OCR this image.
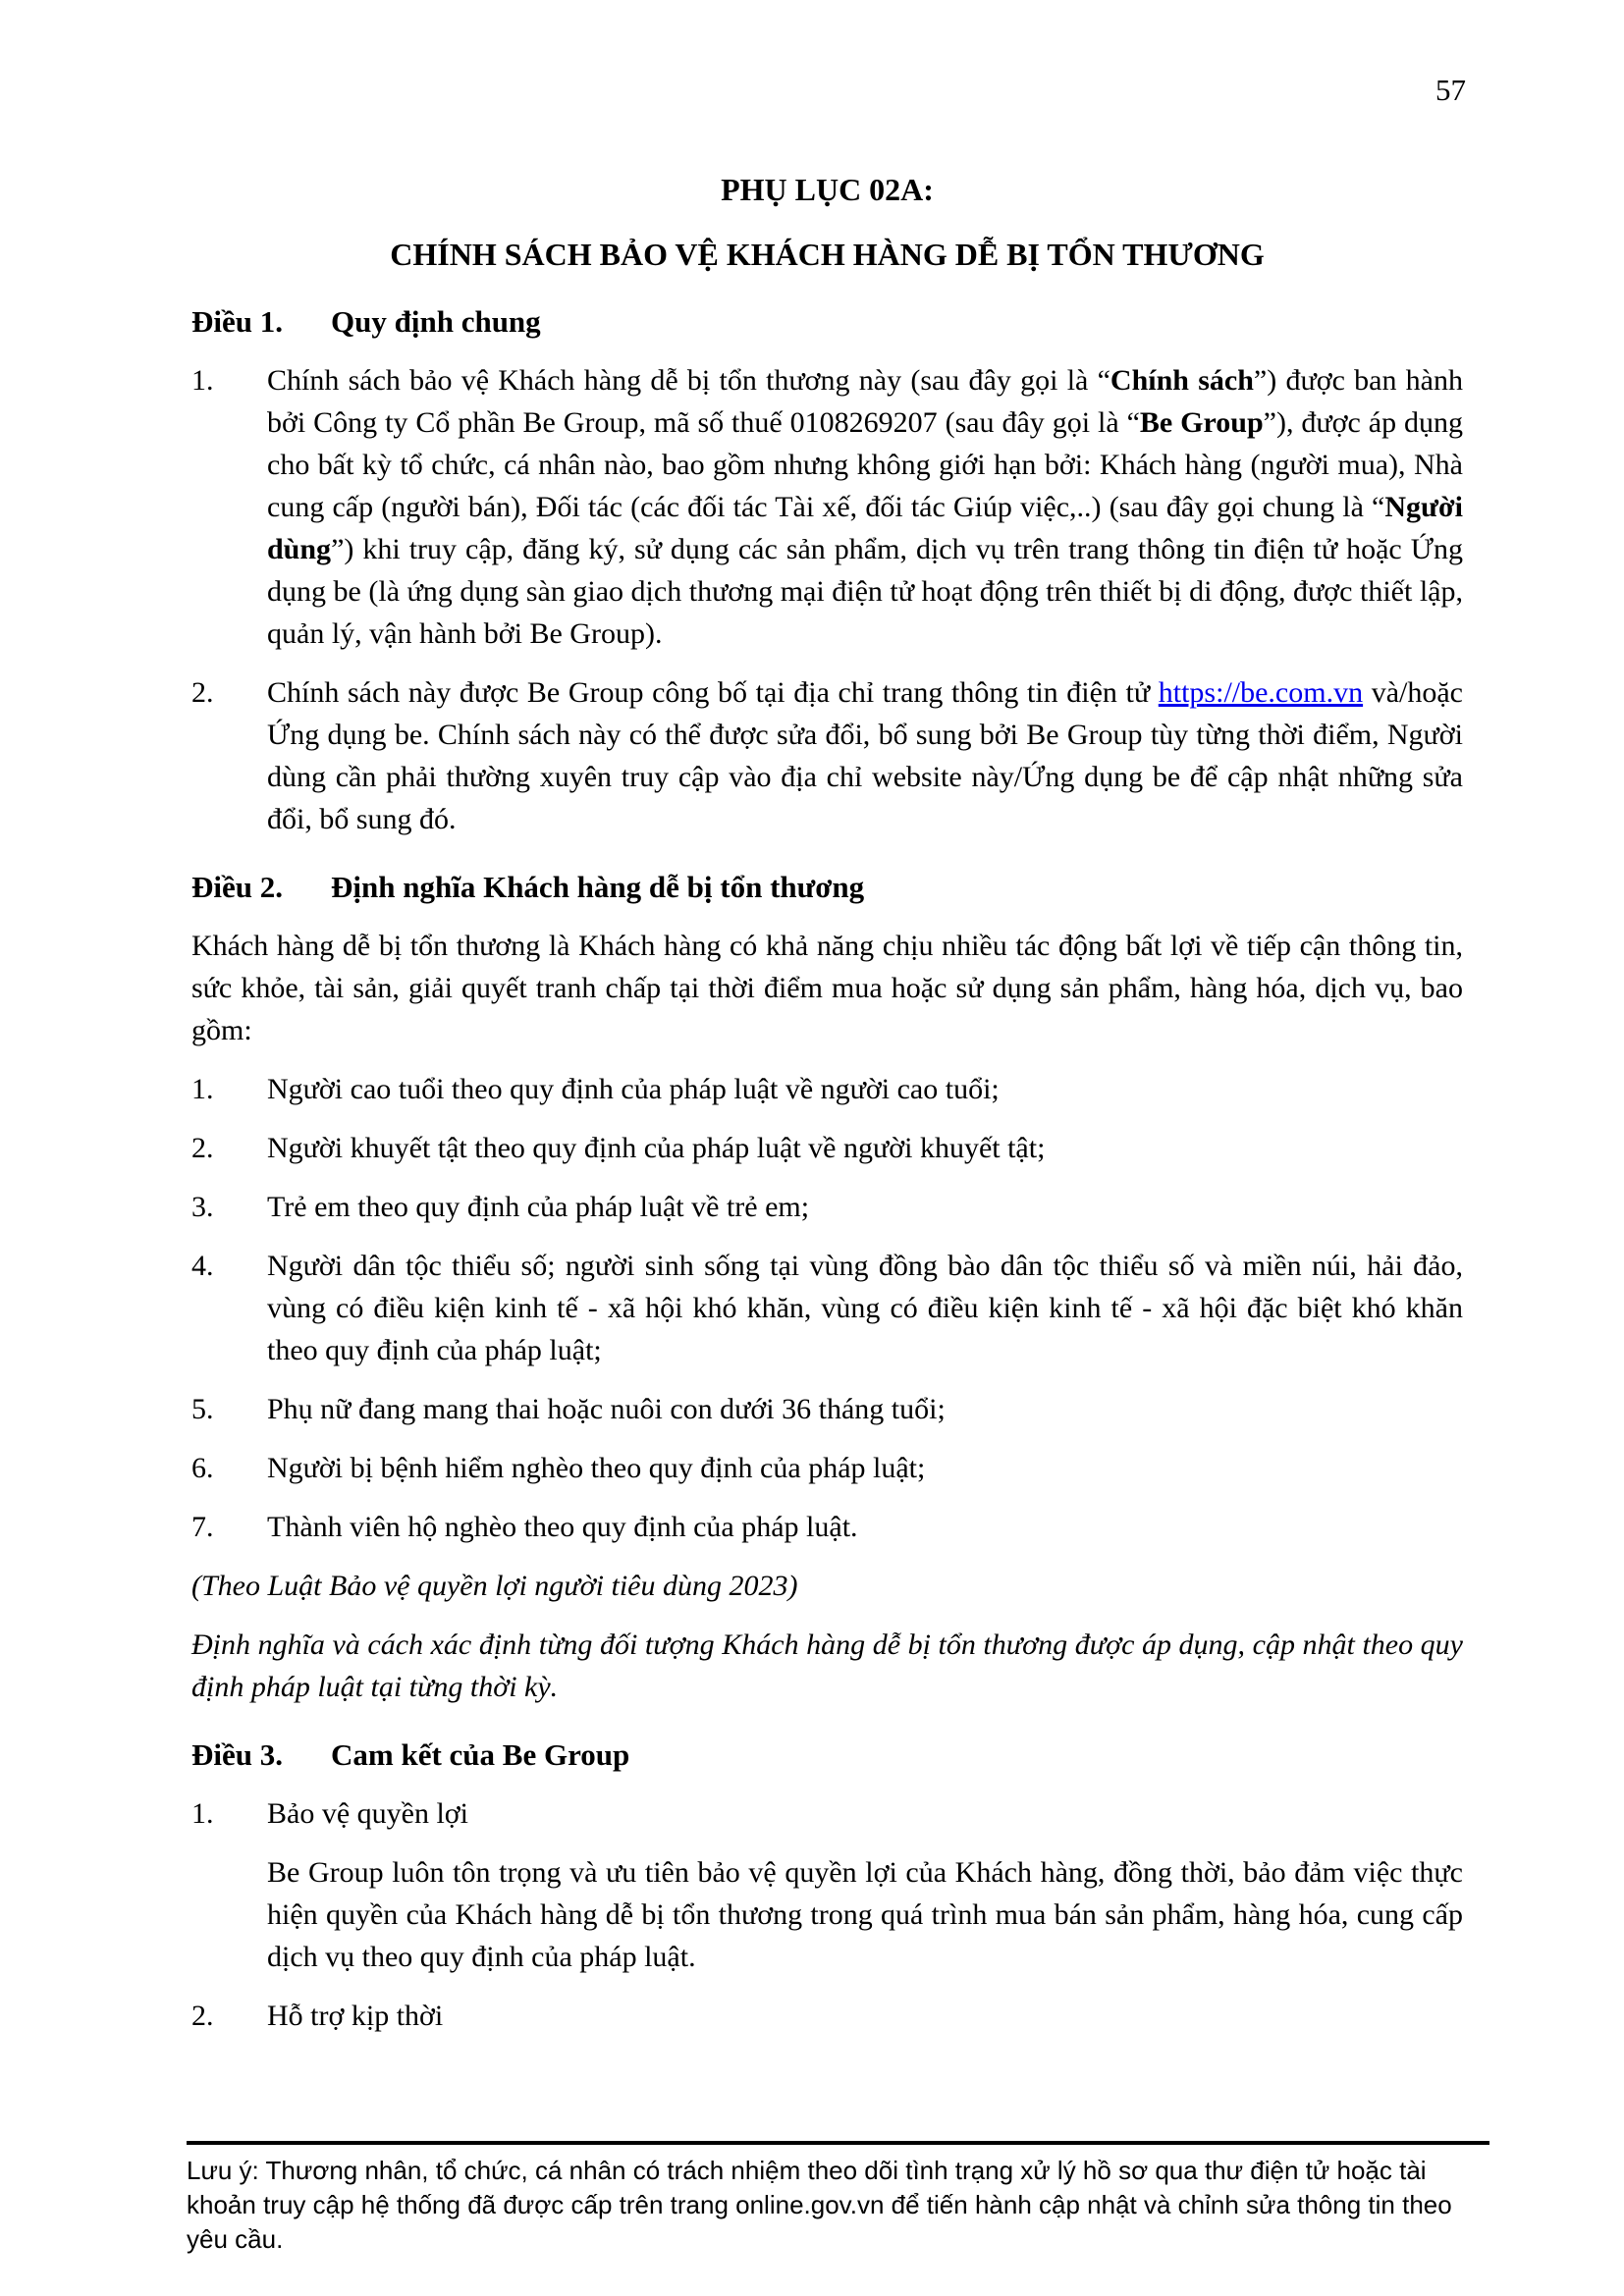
57
PHỤ LỤC 02A:
CHÍNH SÁCH BẢO VỆ KHÁCH HÀNG DỄ BỊ TỔN THƯƠNG
Điều 1.	Quy định chung
1.	Chính sách bảo vệ Khách hàng dễ bị tổn thương này (sau đây gọi là “Chính sách”) được ban hành bởi Công ty Cổ phần Be Group, mã số thuế 0108269207 (sau đây gọi là “Be Group”), được áp dụng cho bất kỳ tổ chức, cá nhân nào, bao gồm nhưng không giới hạn bởi: Khách hàng (người mua), Nhà cung cấp (người bán), Đối tác (các đối tác Tài xế, đối tác Giúp việc,..) (sau đây gọi chung là “Người dùng”) khi truy cập, đăng ký, sử dụng các sản phẩm, dịch vụ trên trang thông tin điện tử hoặc Ứng dụng be (là ứng dụng sàn giao dịch thương mại điện tử hoạt động trên thiết bị di động, được thiết lập, quản lý, vận hành bởi Be Group).
2.	Chính sách này được Be Group công bố tại địa chỉ trang thông tin điện tử https://be.com.vn và/hoặc Ứng dụng be. Chính sách này có thể được sửa đổi, bổ sung bởi Be Group tùy từng thời điểm, Người dùng cần phải thường xuyên truy cập vào địa chỉ website này/Ứng dụng be để cập nhật những sửa đổi, bổ sung đó.
Điều 2.	Định nghĩa Khách hàng dễ bị tổn thương
Khách hàng dễ bị tổn thương là Khách hàng có khả năng chịu nhiều tác động bất lợi về tiếp cận thông tin, sức khỏe, tài sản, giải quyết tranh chấp tại thời điểm mua hoặc sử dụng sản phẩm, hàng hóa, dịch vụ, bao gồm:
1.	Người cao tuổi theo quy định của pháp luật về người cao tuổi;
2.	Người khuyết tật theo quy định của pháp luật về người khuyết tật;
3.	Trẻ em theo quy định của pháp luật về trẻ em;
4.	Người dân tộc thiểu số; người sinh sống tại vùng đồng bào dân tộc thiểu số và miền núi, hải đảo, vùng có điều kiện kinh tế - xã hội khó khăn, vùng có điều kiện kinh tế - xã hội đặc biệt khó khăn theo quy định của pháp luật;
5.	Phụ nữ đang mang thai hoặc nuôi con dưới 36 tháng tuổi;
6.	Người bị bệnh hiểm nghèo theo quy định của pháp luật;
7.	Thành viên hộ nghèo theo quy định của pháp luật.
(Theo Luật Bảo vệ quyền lợi người tiêu dùng 2023)
Định nghĩa và cách xác định từng đối tượng Khách hàng dễ bị tổn thương được áp dụng, cập nhật theo quy định pháp luật tại từng thời kỳ.
Điều 3.	Cam kết của Be Group
1.	Bảo vệ quyền lợi
Be Group luôn tôn trọng và ưu tiên bảo vệ quyền lợi của Khách hàng, đồng thời, bảo đảm việc thực hiện quyền của Khách hàng dễ bị tổn thương trong quá trình mua bán sản phẩm, hàng hóa, cung cấp dịch vụ theo quy định của pháp luật.
2.	Hỗ trợ kịp thời
Lưu ý: Thương nhân, tổ chức, cá nhân có trách nhiệm theo dõi tình trạng xử lý hồ sơ qua thư điện tử hoặc tài khoản truy cập hệ thống đã được cấp trên trang online.gov.vn để tiến hành cập nhật và chỉnh sửa thông tin theo yêu cầu.
